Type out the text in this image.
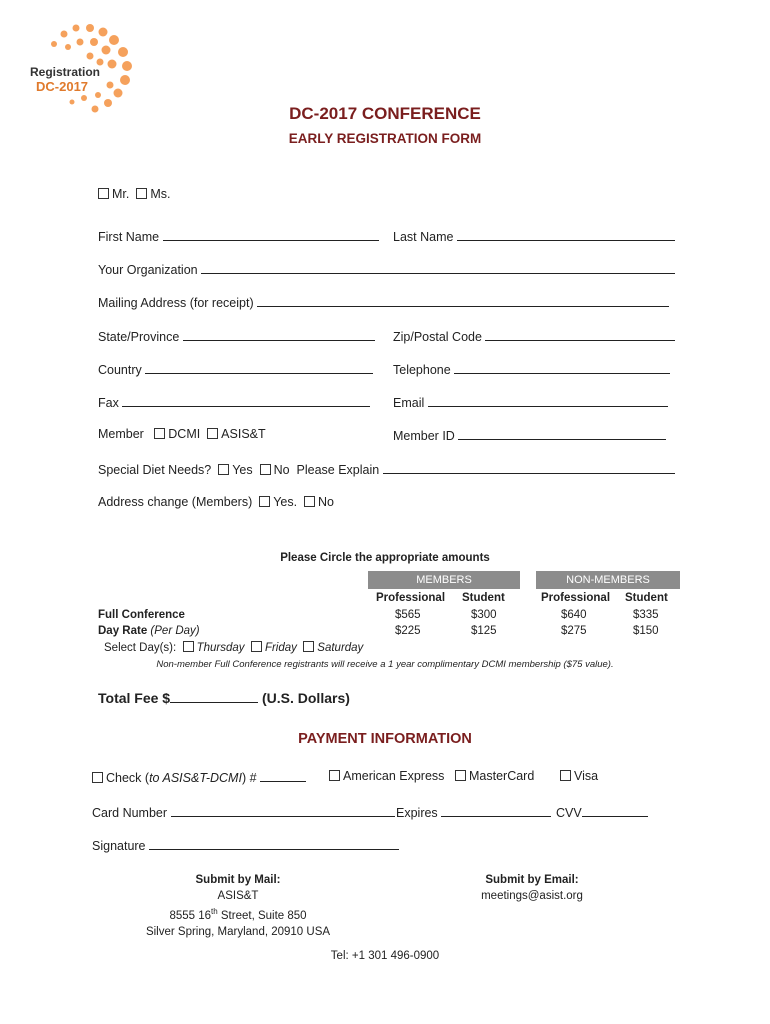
Registration
DC-2017
DC-2017 CONFERENCE
EARLY REGISTRATION FORM
Mr. Ms.
First Name	Last Name
Your Organization
Mailing Address (for receipt)
State/Province	Zip/Postal Code
Country	Telephone
Fax	Email
Member DCMI ASIS&T	Member ID
Special Diet Needs? Yes No Please Explain
Address change (Members) Yes. No
Please Circle the appropriate amounts
MEMBERS	NON-MEMBERS
Professional Student	Professional Student
Full Conference	$565	$300	$640	$335
Day Rate (Per Day)	$225	$125	$275	$150
Select Day(s): Thursday Friday Saturday
Non-member Full Conference registrants will receive a 1 year complimentary DCMI membership ($75 value).
Total Fee $	(U.S. Dollars)
PAYMENT INFORMATION
Check (to ASIS&T-DCMI) #	American Express	MasterCard	Visa
Card Number	Expires	CVV
Signature
Submit by Mail:
ASIS&T
8555 16th Street, Suite 850
Silver Spring, Maryland, 20910 USA
Submit by Email:
meetings@asist.org
Tel: +1 301 496-0900
